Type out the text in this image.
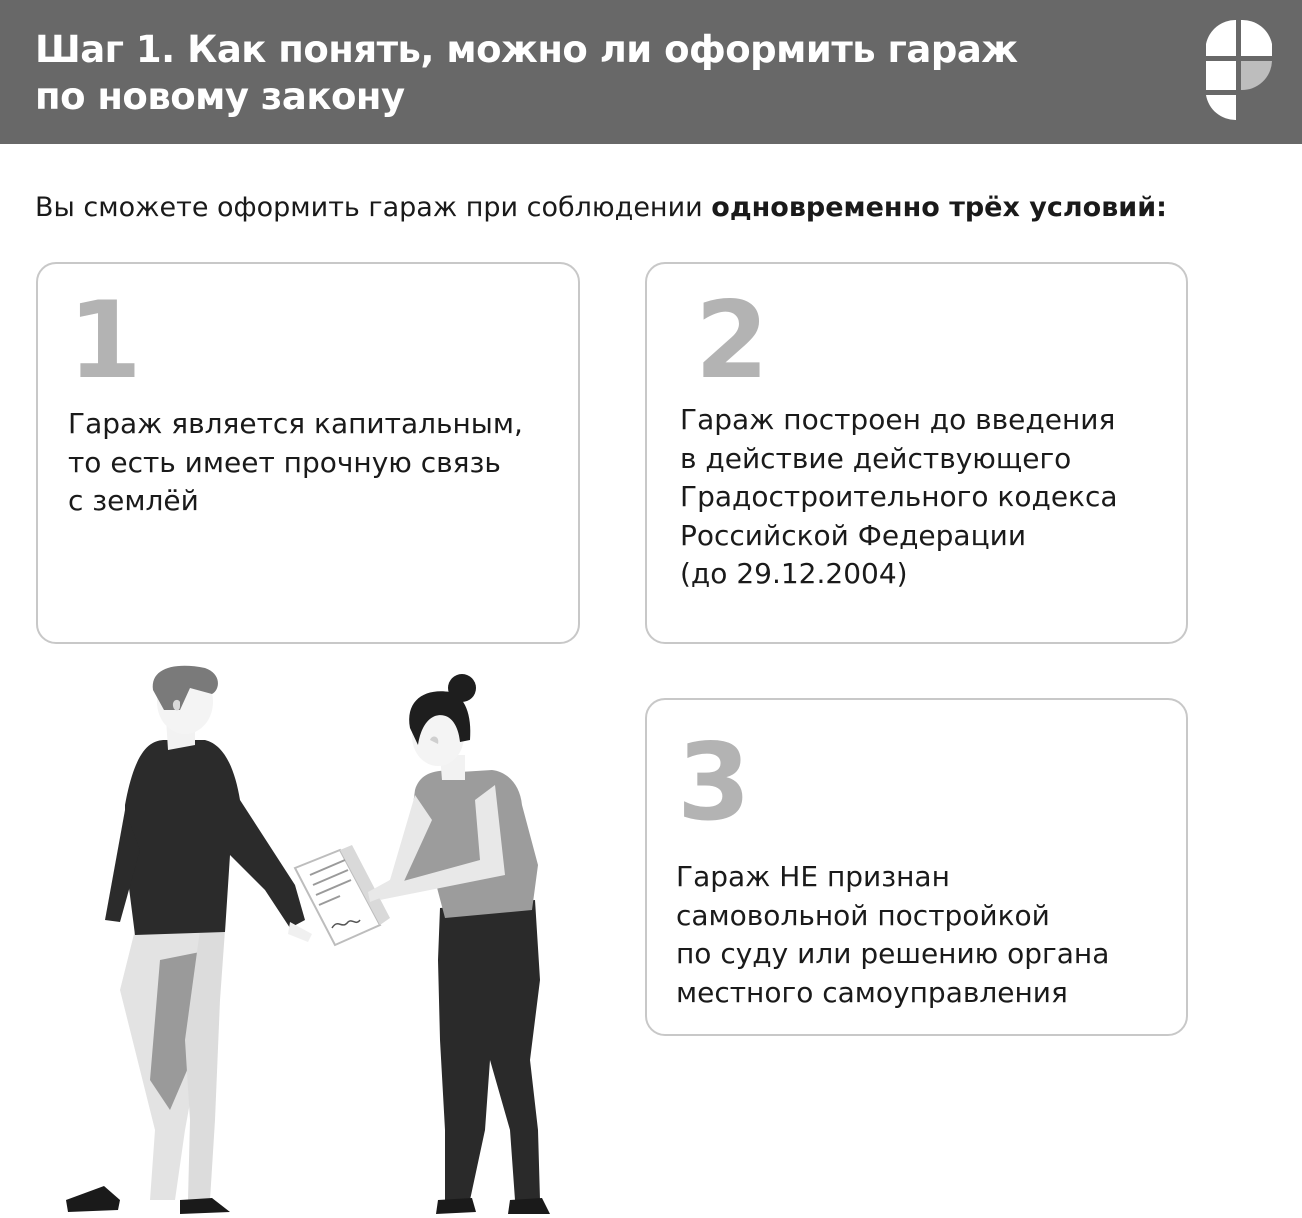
Шаг 1. Как понять, можно ли оформить гараж
по новому закону

Вы сможете оформить гараж при соблюдении одновременно трёх условий:

1
Гараж является капитальным,
то есть имеет прочную связь
с землёй
2
Гараж построен до введения
в действие действующего
Градостроительного кодекса
Российской Федерации
(до 29.12.2004)
3
Гараж НЕ признан
самовольной постройкой
по суду или решению органа
местного самоуправления
